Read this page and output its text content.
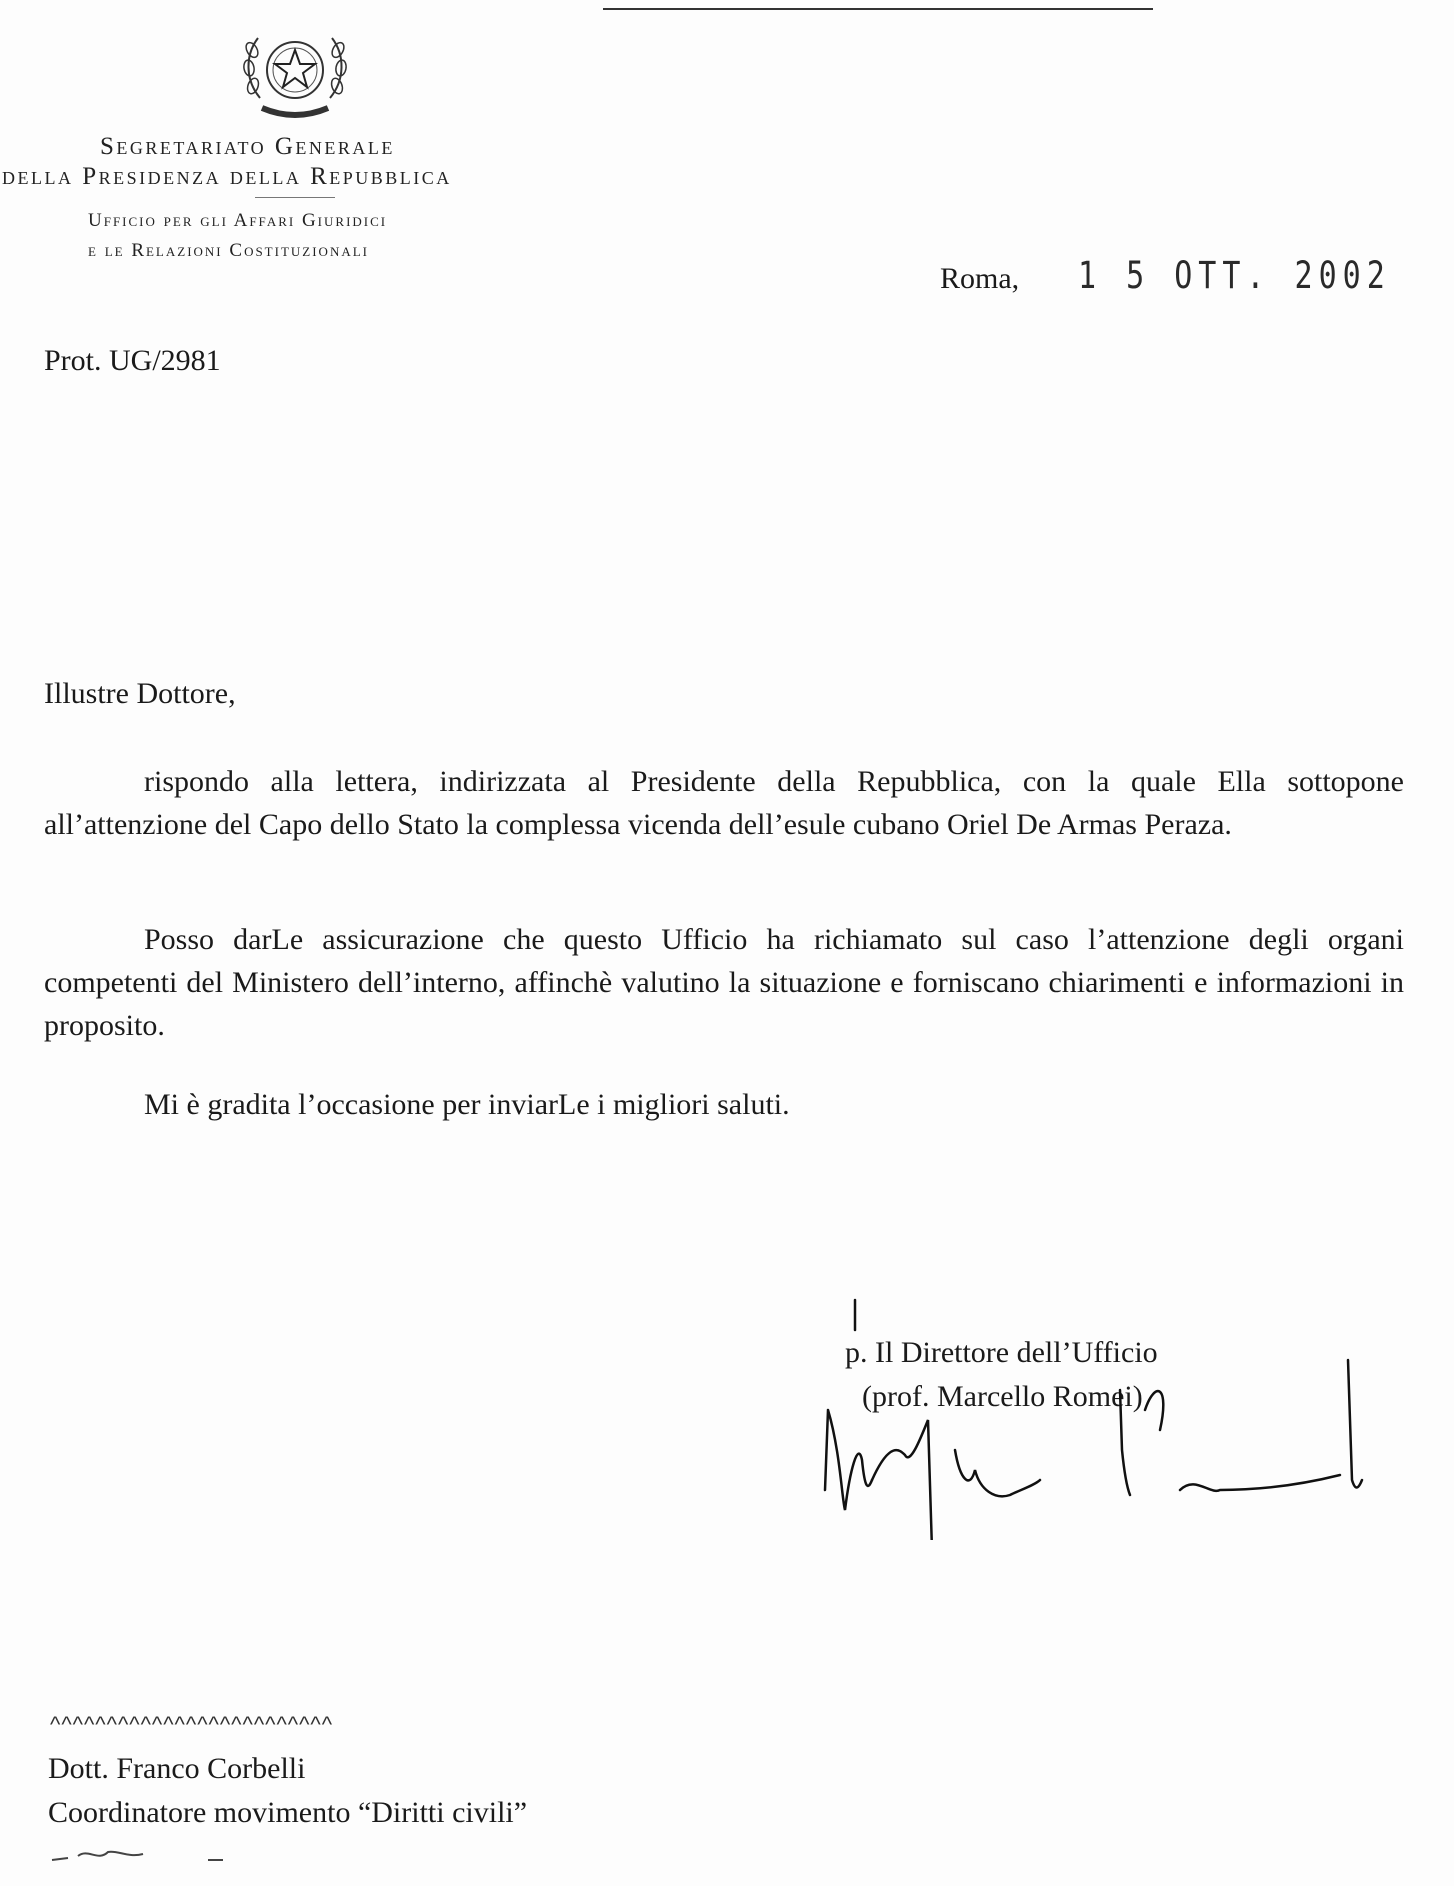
Segretariato Generale
della Presidenza della Repubblica
Ufficio per gli Affari Giuridici
e le Relazioni Costituzionali
Roma, 1 5 OTT. 2002
Prot. UG/2981
Illustre Dottore,
rispondo alla lettera, indirizzata al Presidente della Repubblica, con la quale Ella sottopone all’attenzione del Capo dello Stato la complessa vicenda dell’esule cubano Oriel De Armas Peraza.
Posso darLe assicurazione che questo Ufficio ha richiamato sul caso l’attenzione degli organi competenti del Ministero dell’interno, affinchè valutino la situazione e forniscano chiarimenti e informazioni in proposito.
Mi è gradita l’occasione per inviarLe i migliori saluti.
p. Il Direttore dell’Ufficio
(prof. Marcello Romei)
^^^^^^^^^^^^^^^^^^^^^^^^^
Dott. Franco Corbelli
Coordinatore movimento “Diritti civili”
